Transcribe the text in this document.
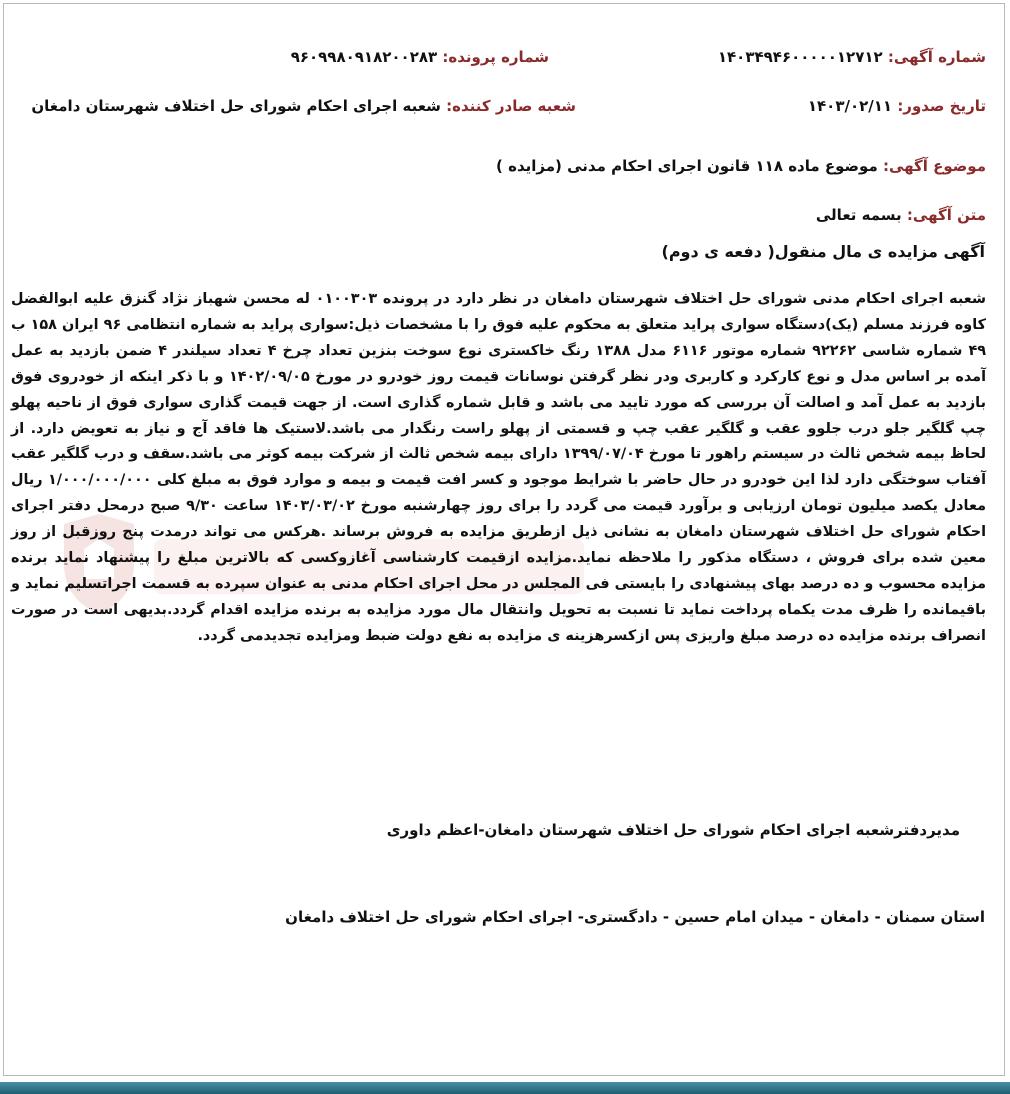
شماره آگهی: ۱۴۰۳۴۹۴۶۰۰۰۰۰۱۲۷۱۲
شماره پرونده: ۹۶۰۹۹۸۰۹۱۸۲۰۰۲۸۳
تاریخ صدور: ۱۴۰۳/۰۲/۱۱
شعبه صادر کننده: شعبه اجرای احکام شورای حل اختلاف شهرستان دامغان
موضوع آگهی: موضوع ماده ۱۱۸ قانون اجرای احکام مدنی (مزایده )
متن آگهی: بسمه تعالی
آگهی مزایده ی مال منقول( دفعه ی دوم)
شعبه اجرای احکام مدنی شورای حل اختلاف شهرستان دامغان در نظر دارد در پرونده ۰۱۰۰۳۰۳ له محسن شهباز نژاد گنزق علیه ابوالفضل کاوه فرزند مسلم (یک)دستگاه سواری پراید متعلق به محکوم علیه فوق را با مشخصات ذیل:سواری پراید به شماره انتظامی ۹۶ ایران ۱۵۸ ب ۴۹ شماره شاسی ۹۲۲۶۲ شماره موتور ۶۱۱۶ مدل ۱۳۸۸ رنگ خاکستری نوع سوخت بنزین تعداد چرخ ۴ تعداد سیلندر ۴ ضمن بازدید به عمل آمده بر اساس مدل و نوع کارکرد و کاربری ودر نظر گرفتن نوسانات قیمت روز خودرو در مورخ ۱۴۰۲/۰۹/۰۵ و با ذکر اینکه از خودروی فوق بازدید به عمل آمد و اصالت آن بررسی که مورد تایید می باشد و قابل شماره گذاری است. از جهت قیمت گذاری سواری فوق از ناحیه پهلو چپ گلگیر جلو درب جلوو عقب و گلگیر عقب چپ و قسمتی از پهلو راست رنگدار می باشد.لاستیک ها فاقد آج و نیاز به تعویض دارد. از لحاظ بیمه شخص ثالث در سیستم راهور تا مورخ ۱۳۹۹/۰۷/۰۴ دارای بیمه شخص ثالث از شرکت بیمه کوثر می باشد.سقف و درب گلگیر عقب آفتاب سوختگی دارد لذا این خودرو در حال حاضر با شرایط موجود و کسر افت قیمت و بیمه و موارد فوق به مبلغ کلی ۱/۰۰۰/۰۰۰/۰۰۰ ریال معادل یکصد میلیون تومان ارزیابی و برآورد قیمت می گردد را برای روز چهارشنبه مورخ ۱۴۰۳/۰۳/۰۲ ساعت ۹/۳۰ صبح درمحل دفتر اجرای احکام شورای حل اختلاف شهرستان دامغان به نشانی ذیل ازطریق مزایده به فروش برساند .هرکس می تواند درمدت پنج روزقبل از روز معین شده برای فروش ، دستگاه مذکور را ملاحظه نماید.مزایده ازقیمت کارشناسی آغازوکسی که بالاترین مبلغ را پیشنهاد نماید برنده مزایده محسوب و ده درصد بهای پیشنهادی را بایستی فی المجلس در محل اجرای احکام مدنی به عنوان سپرده به قسمت اجراتسلیم نماید و باقیمانده را ظرف مدت یکماه پرداخت نماید تا نسبت به تحویل وانتقال مال مورد مزایده به برنده مزایده اقدام گردد.بدیهی است در صورت انصراف برنده مزایده ده درصد مبلغ واریزی پس ازکسرهزینه ی مزایده به نفع دولت ضبط ومزایده تجدیدمی گردد.
مدیردفترشعبه اجرای احکام شورای حل اختلاف شهرستان دامغان-اعظم داوری
استان سمنان - دامغان - میدان امام حسین - دادگستری- اجرای احکام شورای حل اختلاف دامغان
